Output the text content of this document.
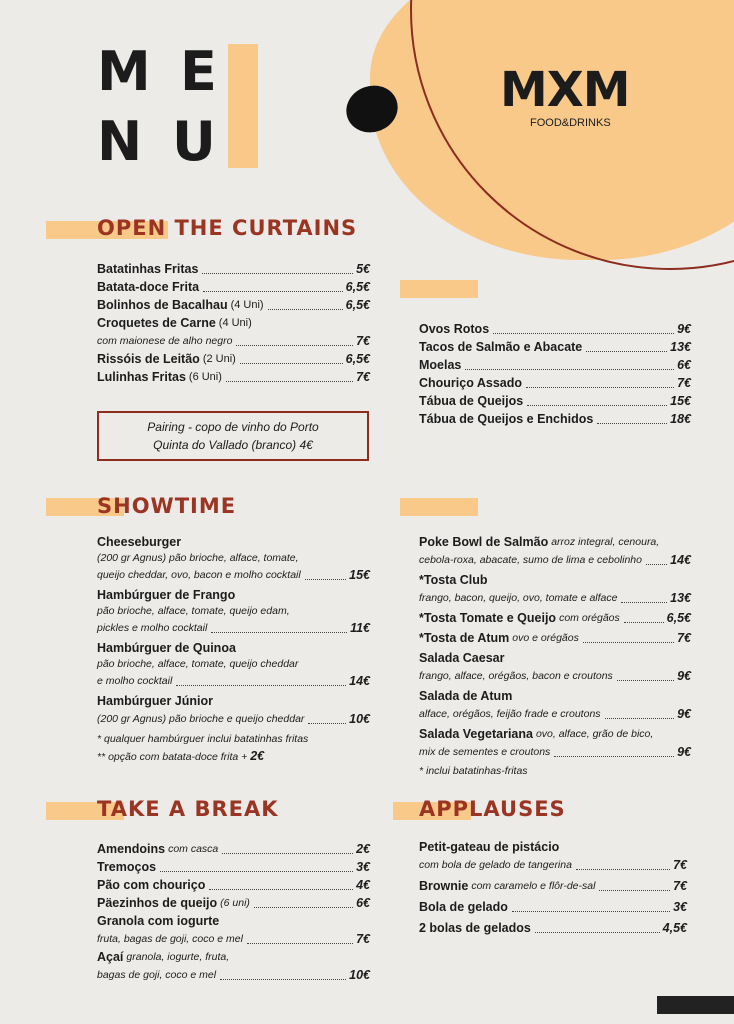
M E
N U
MXM
FOOD&DRINKS
OPEN THE CURTAINS
Batatinhas Fritas	5€
Batata-doce Frita	6,5€
Bolinhos de Bacalhau (4 Uni)	6,5€
Croquetes de Carne (4 Uni)
com maionese de alho negro	7€
Rissóis de Leitão (2 Uni)	6,5€
Lulinhas Fritas (6 Uni)	7€
Pairing - copo de vinho do Porto
Quinta do Vallado (branco) 4€
Ovos Rotos	9€
Tacos de Salmão e Abacate	13€
Moelas	6€
Chouriço Assado	7€
Tábua de Queijos	15€
Tábua de Queijos e Enchidos	18€
SHOWTIME
Cheeseburger
(200 gr Agnus) pão brioche, alface, tomate,
queijo cheddar, ovo, bacon e molho cocktail	15€
Hambúrguer de Frango
pão brioche, alface, tomate, queijo edam,
pickles e molho cocktail	11€
Hambúrguer de Quinoa
pão brioche, alface, tomate, queijo cheddar
e molho cocktail	14€
Hambúrguer Júnior
(200 gr Agnus) pão brioche e queijo cheddar	10€
* qualquer hambúrguer inclui batatinhas fritas
** opção com batata-doce frita + 2€
Poke Bowl de Salmão arroz integral, cenoura,
cebola-roxa, abacate, sumo de lima e cebolinho 14€
*Tosta Club
frango, bacon, queijo, ovo, tomate e alface	13€
*Tosta Tomate e Queijo com orégãos	6,5€
*Tosta de Atum ovo e orégãos	7€
Salada Caesar
frango, alface, orégãos, bacon e croutons	9€
Salada de Atum
alface, orégãos, feijão frade e croutons	9€
Salada Vegetariana ovo, alface, grão de bico,
mix de sementes e croutons	9€
* inclui batatinhas-fritas
TAKE A BREAK
Amendoins com casca	2€
Tremoços	3€
Pão com chouriço	4€
Päezinhos de queijo (6 uni)	6€
Granola com iogurte
fruta, bagas de goji, coco e mel	7€
Açaí granola, iogurte, fruta,
bagas de goji, coco e mel	10€
APPLAUSES
Petit-gateau de pistácio
com bola de gelado de tangerina	7€
Brownie com caramelo e flôr-de-sal	7€
Bola de gelado	3€
2 bolas de gelados	4,5€
